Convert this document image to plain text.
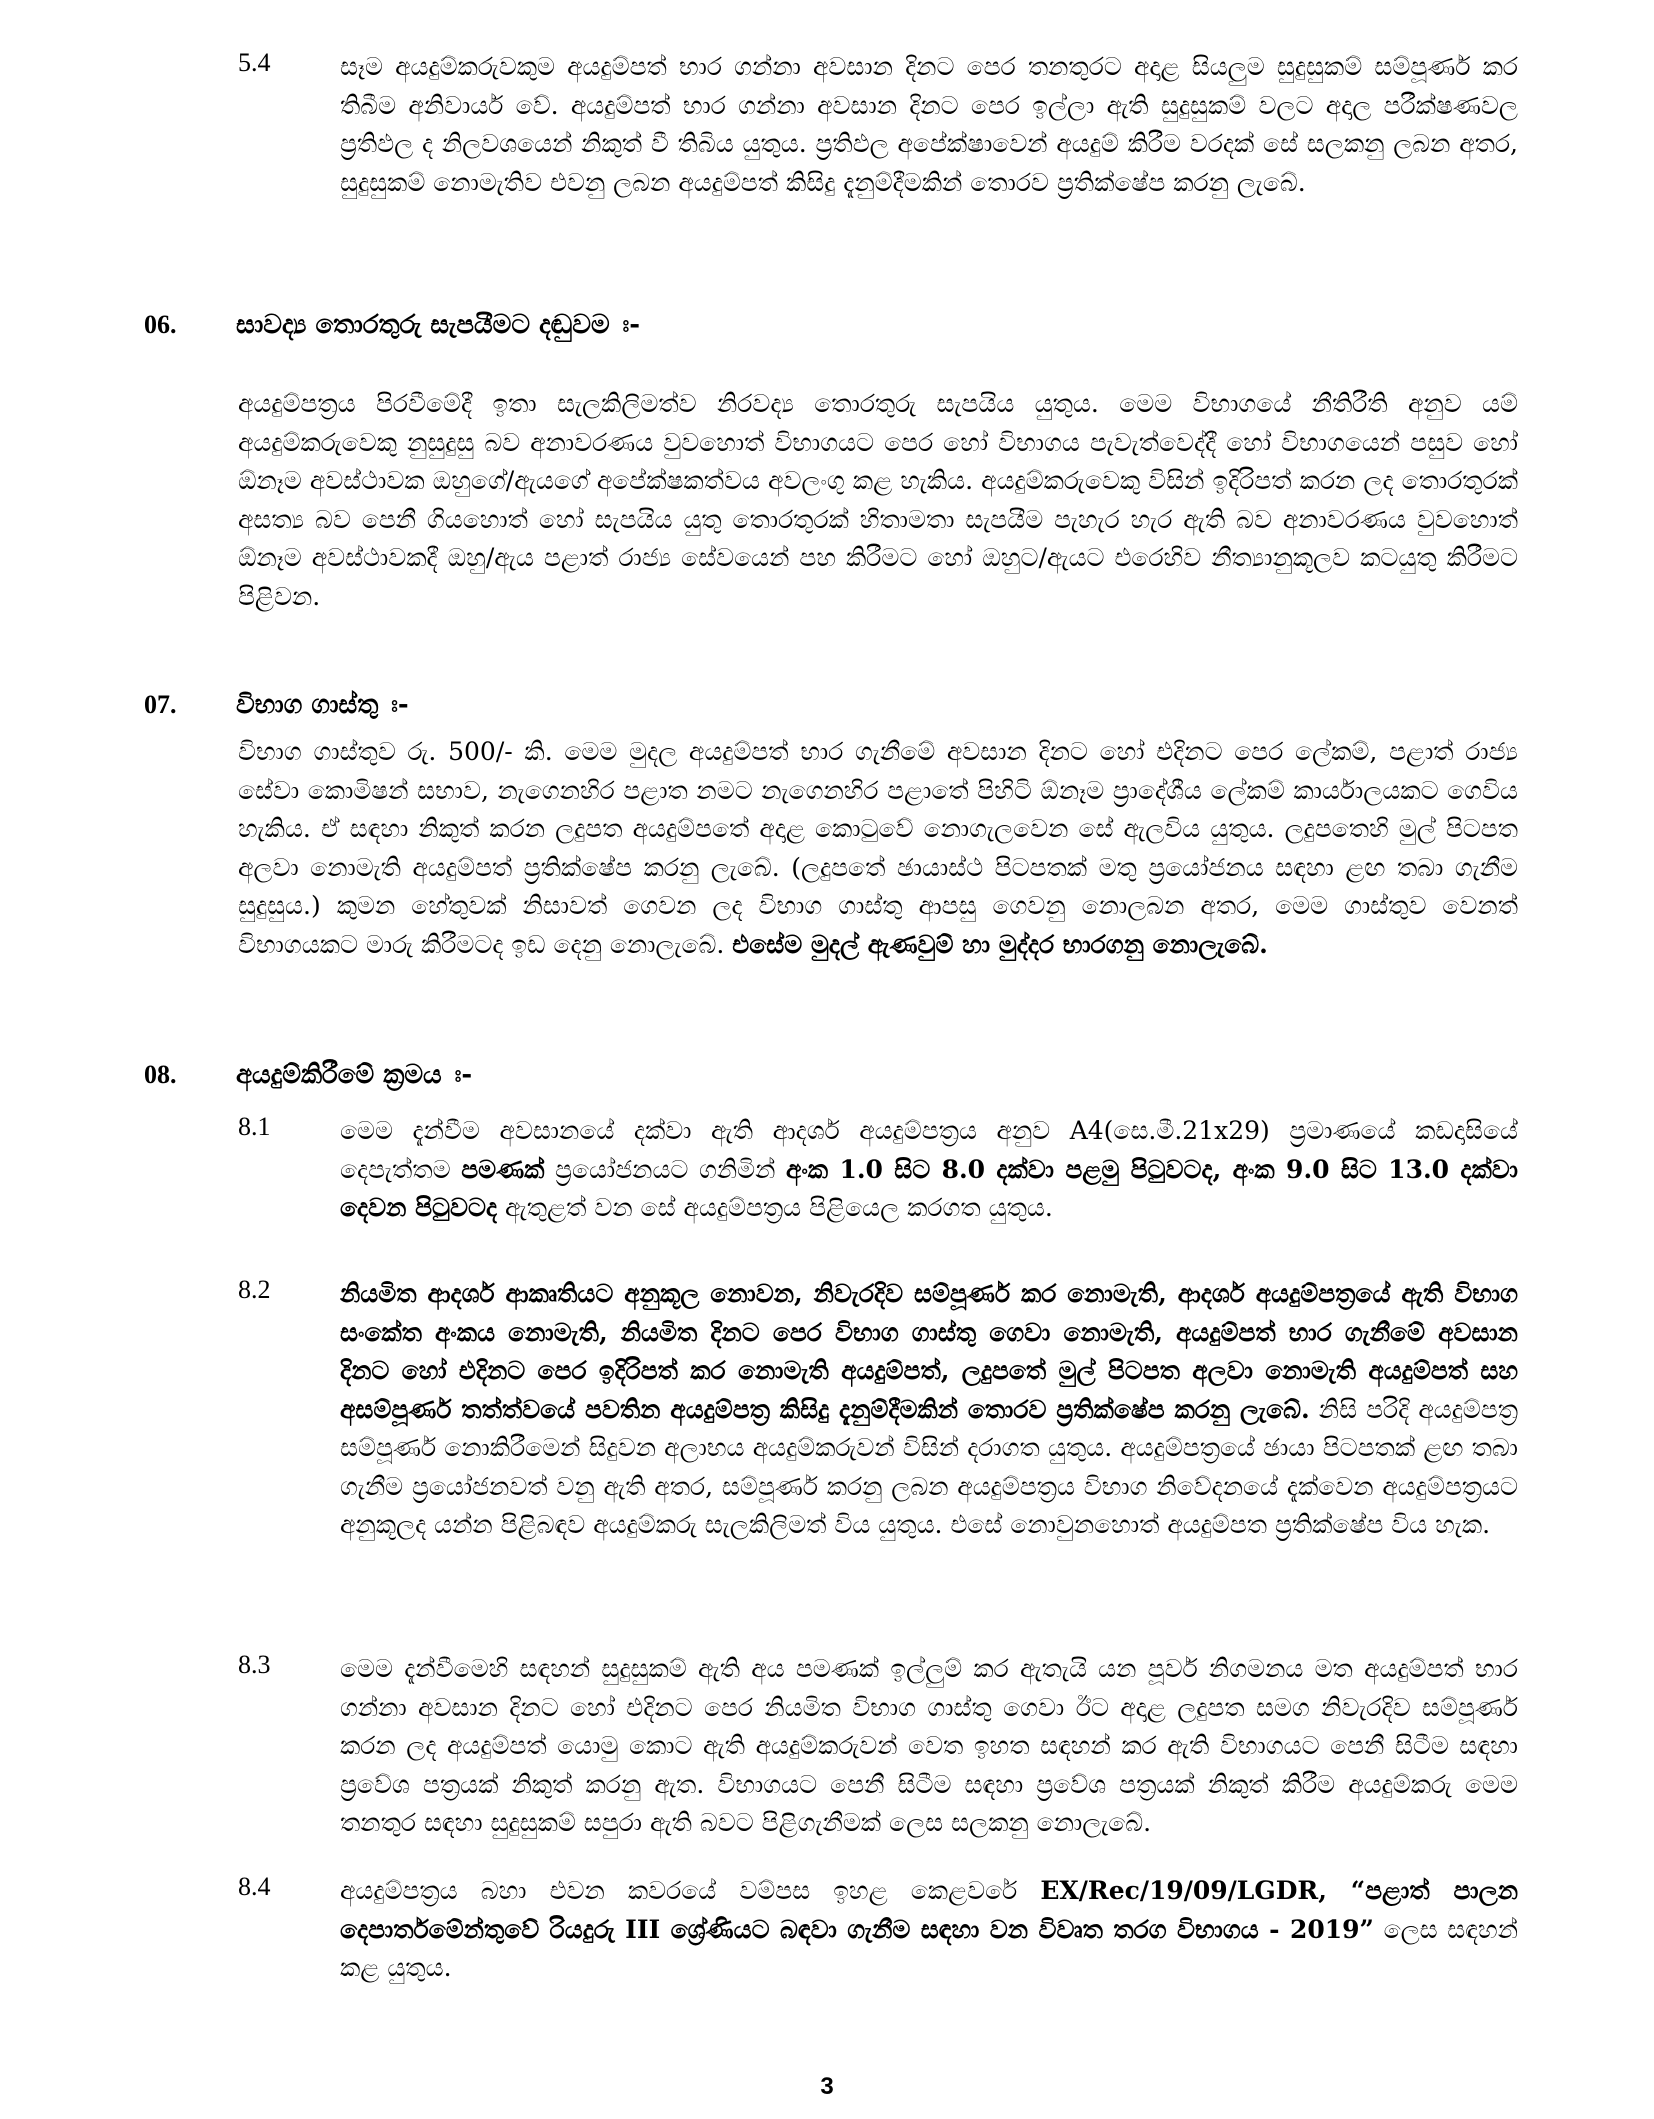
5.4	සෑම අයදුම්කරුවකුම අයදුම්පත් භාර ගන්නා අවසාන දිනට පෙර තනතුරට අදාළ සියලුම සුදුසුකම් සම්පූර්ණ කර තිබීම අනිවාර්ය වේ. අයදුම්පත් භාර ගන්නා අවසාන දිනට පෙර ඉල්ලා ඇති සුදුසුකම් වලට අදාල පරීක්ෂණවල ප්‍රතිඵල ද නිලවශයෙන් නිකුත් වී තිබිය යුතුය. ප්‍රතිඵල අපේක්ෂාවෙන් අයදුම් කිරීම වරදක් සේ සලකනු ලබන අතර, සුදුසුකම් නොමැතිව එවනු ලබන අයදුම්පත් කිසිදු දැනුම්දීමකින් තොරව ප්‍රතික්ෂේප කරනු ලැබේ.
06. සාවද්‍ය තොරතුරු සැපයීමට දඬුවම ඃ-
අයදුම්පත්‍රය පිරවීමේදී ඉතා සැලකිලිමත්ව නිරවද්‍ය තොරතුරු සැපයිය යුතුය. මෙම විභාගයේ නීතිරීති අනුව යම් අයදුම්කරුවෙකු නුසුදුසු බව අනාවරණය වුවහොත් විභාගයට පෙර හෝ විභාගය පැවැත්වෙද්දී හෝ විභාගයෙන් පසුව හෝ ඕනෑම අවස්ථාවක ඔහුගේ/ඇයගේ අපේක්ෂකත්වය අවලංගු කළ හැකිය. අයදුම්කරුවෙකු විසින් ඉදිරිපත් කරන ලද තොරතුරක් අසත්‍ය බව පෙනී ගියහොත් හෝ සැපයිය යුතු තොරතුරක් හිතාමතා සැපයීම පැහැර හැර ඇති බව අනාවරණය වුවහොත් ඕනෑම අවස්ථාවකදී ඔහු/ඇය පළාත් රාජ්‍ය සේවයෙන් පහ කිරීමට හෝ ඔහුට/ඇයට එරෙහිව නීත්‍යානුකූලව කටයුතු කිරීමට පිළිවන.
07. විභාග ගාස්තු ඃ-
විභාග ගාස්තුව රු. 500/- කි. මෙම මුදල අයදුම්පත් භාර ගැනීමේ අවසාන දිනට හෝ එදිනට පෙර ලේකම්, පළාත් රාජ්‍ය සේවා කොමිෂන් සභාව, නැගෙනහිර පළාත නමට නැගෙනහිර පළාතේ පිහිටි ඕනෑම ප්‍රාදේශීය ලේකම් කාර්යාලයකට ගෙවිය හැකිය. ඒ සඳහා නිකුත් කරන ලදුපත අයදුම්පතේ අදාළ කොටුවේ නොගැලවෙන සේ ඇලවිය යුතුය. ලදුපතෙහි මුල් පිටපත අලවා නොමැති අයදුම්පත් ප්‍රතික්ෂේප කරනු ලැබේ. (ලදුපතේ ඡායාස්ථ පිටපතක් මතු ප්‍රයෝජනය සඳහා ළඟ තබා ගැනීම සුදුසුය.) කුමන හේතුවක් නිසාවත් ගෙවන ලද විභාග ගාස්තු ආපසු ගෙවනු නොලබන අතර, මෙම ගාස්තුව වෙනත් විභාගයකට මාරු කිරීමටද ඉඩ දෙනු නොලැබේ. එසේම මුදල් ඇණවුම් හා මුද්දර භාරගනු නොලැබේ.
08. අයදුම්කිරීමේ ක්‍රමය ඃ-
8.1	මෙම දැන්වීම අවසානයේ දක්වා ඇති ආදර්ශ අයදුම්පත්‍රය අනුව A4(සෙ.මී.21x29) ප්‍රමාණයේ කඩදාසියේ දෙපැත්තම පමණක් ප්‍රයෝජනයට ගනිමින් අංක 1.0 සිට 8.0 දක්වා පළමු පිටුවටද, අංක 9.0 සිට 13.0 දක්වා දෙවන පිටුවටද ඇතුළත් වන සේ අයදුම්පත්‍රය පිළියෙල කරගත යුතුය.
8.2	නියමිත ආදර්ශ ආකෘතියට අනුකූල නොවන, නිවැරදිව සම්පූර්ණ කර නොමැති, ආදර්ශ අයදුම්පත්‍රයේ ඇති විභාග සංකේත අංකය නොමැති, නියමිත දිනට පෙර විභාග ගාස්තු ගෙවා නොමැති, අයදුම්පත් භාර ගැනීමේ අවසාන දිනට හෝ එදිනට පෙර ඉදිරිපත් කර නොමැති අයදුම්පත්, ලදුපතේ මුල් පිටපත අලවා නොමැති අයදුම්පත් සහ අසම්පූර්ණ තත්ත්වයේ පවතින අයදුම්පත්‍ර කිසිදු දැනුම්දීමකින් තොරව ප්‍රතික්ෂේප කරනු ලැබේ. නිසි පරිදි අයදුම්පත්‍ර සම්පූර්ණ නොකිරීමෙන් සිදුවන අලාභය අයදුම්කරුවන් විසින් දරාගත යුතුය. අයදුම්පත්‍රයේ ඡායා පිටපතක් ළඟ තබා ගැනීම ප්‍රයෝජනවත් වනු ඇති අතර, සම්පූර්ණ කරනු ලබන අයදුම්පත්‍රය විභාග නිවේදනයේ දැක්වෙන අයදුම්පත්‍රයට අනුකූලද යන්න පිළිබඳව අයදුම්කරු සැලකිලිමත් විය යුතුය. එසේ නොවුනහොත් අයදුම්පත ප්‍රතික්ෂේප විය හැක.
8.3	මෙම දැන්වීමෙහි සඳහන් සුදුසුකම් ඇති අය පමණක් ඉල්ලුම් කර ඇතැයි යන පූර්ව නිගමනය මත අයදුම්පත් භාර ගන්නා අවසාන දිනට හෝ එදිනට පෙර නියමිත විභාග ගාස්තු ගෙවා ඊට අදාළ ලදුපත සමග නිවැරදිව සම්පූර්ණ කරන ලද අයදුම්පත් යොමු කොට ඇති අයදුම්කරුවන් වෙත ඉහත සඳහන් කර ඇති විභාගයට පෙනී සිටීම සඳහා ප්‍රවේශ පත්‍රයක් නිකුත් කරනු ඇත. විභාගයට පෙනී සිටීම සඳහා ප්‍රවේශ පත්‍රයක් නිකුත් කිරීම අයදුම්කරු මෙම තනතුර සඳහා සුදුසුකම් සපුරා ඇති බවට පිළිගැනීමක් ලෙස සලකනු නොලැබේ.
8.4	අයදුම්පත්‍රය බහා එවන කවරයේ වම්පස ඉහළ කෙළවරේ EX/Rec/19/09/LGDR, “පළාත් පාලන දෙපාර්තමේන්තුවේ රියදුරු III ශ්‍රේණියට බඳවා ගැනීම සඳහා වන විවෘත තරග විභාගය - 2019” ලෙස සඳහන් කළ යුතුය.
3
